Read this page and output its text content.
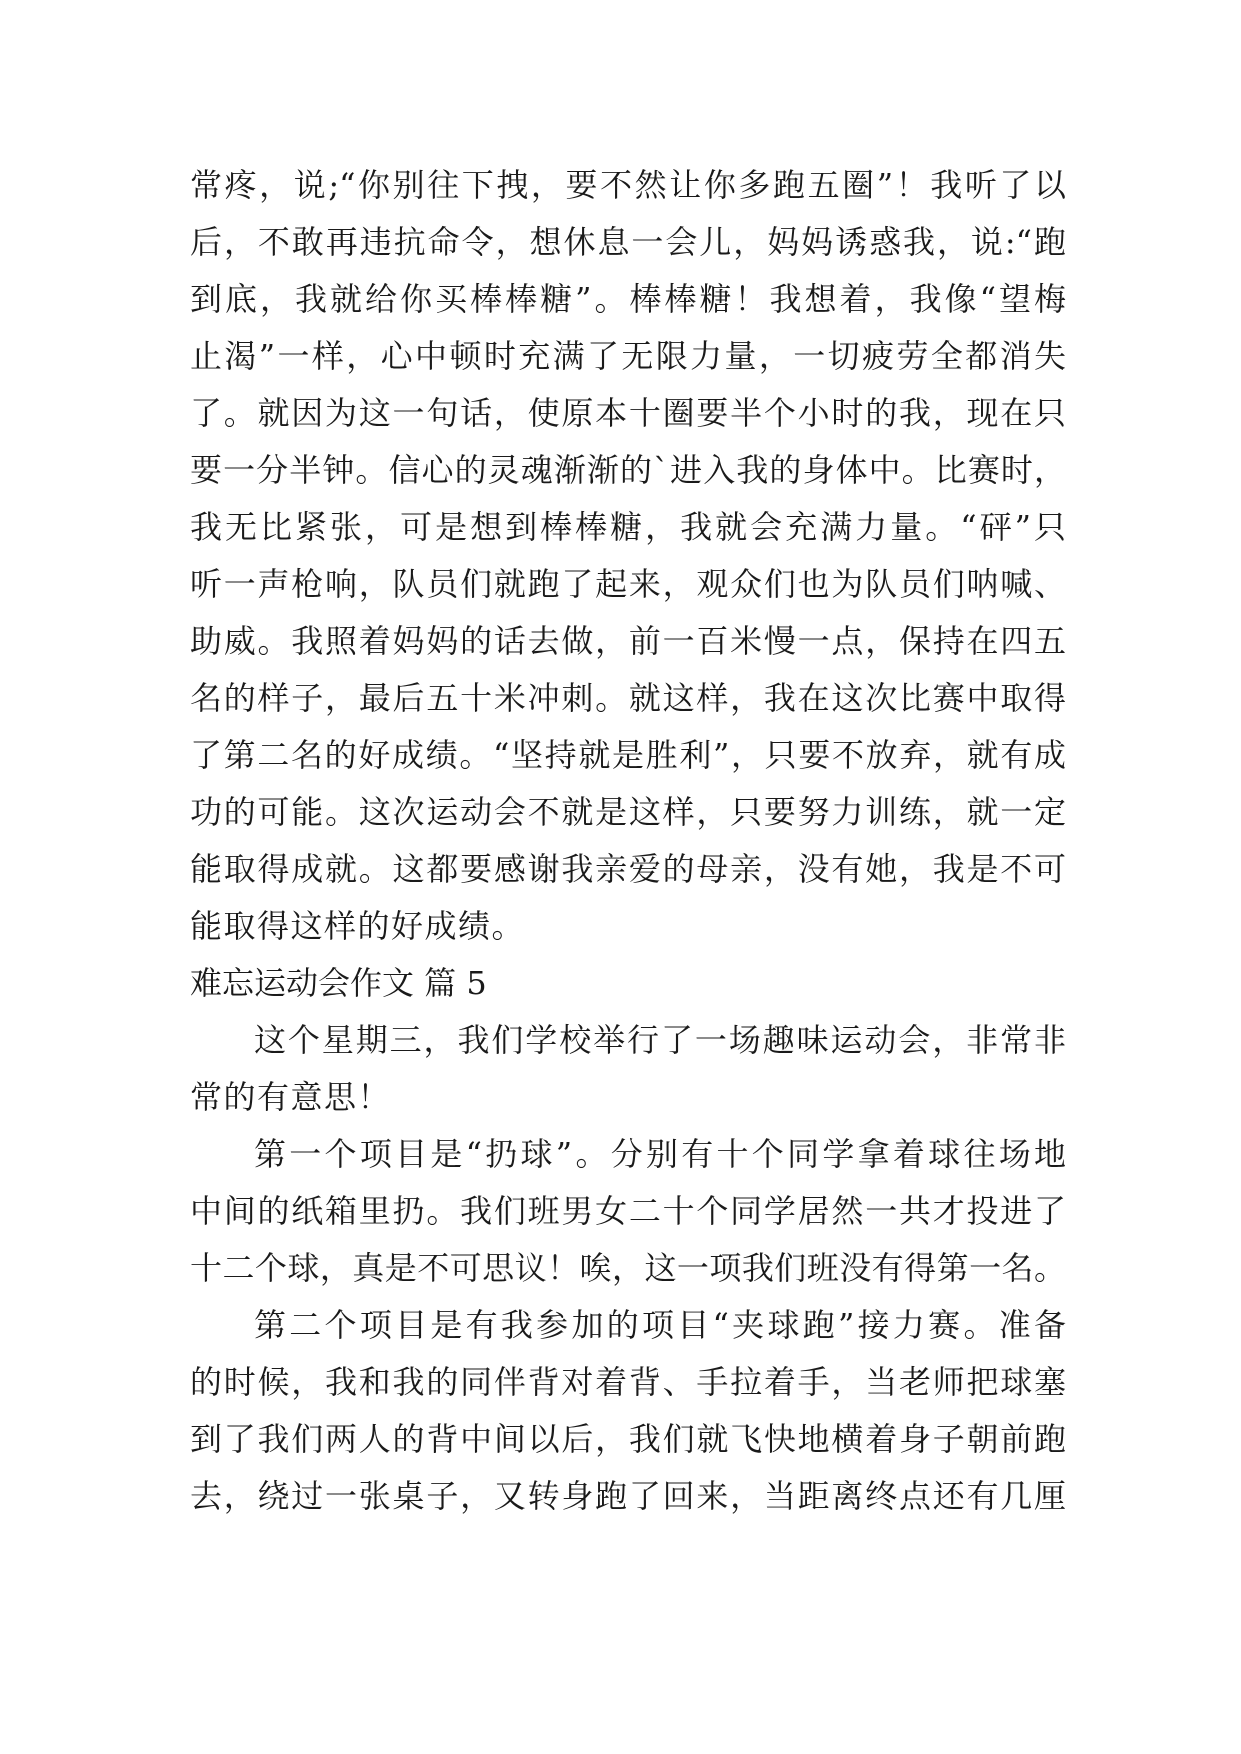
常疼，说;“你别往下拽，要不然让你多跑五圈”！我听了以
后，不敢再违抗命令，想休息一会儿，妈妈诱惑我，说:“跑
到底，我就给你买棒棒糖”。棒棒糖！我想着，我像“望梅
止渴”一样，心中顿时充满了无限力量，一切疲劳全都消失
了。就因为这一句话，使原本十圈要半个小时的我，现在只
要一分半钟。信心的灵魂渐渐的`进入我的身体中。比赛时，
我无比紧张，可是想到棒棒糖，我就会充满力量。“砰”只
听一声枪响，队员们就跑了起来，观众们也为队员们呐喊、
助威。我照着妈妈的话去做，前一百米慢一点，保持在四五
名的样子，最后五十米冲刺。就这样，我在这次比赛中取得
了第二名的好成绩。“坚持就是胜利”，只要不放弃，就有成
功的可能。这次运动会不就是这样，只要努力训练，就一定
能取得成就。这都要感谢我亲爱的母亲，没有她，我是不可
能取得这样的好成绩。
难忘运动会作文 篇 5
这个星期三，我们学校举行了一场趣味运动会，非常非
常的有意思！
第一个项目是“扔球”。分别有十个同学拿着球往场地
中间的纸箱里扔。我们班男女二十个同学居然一共才投进了
十二个球，真是不可思议！唉，这一项我们班没有得第一名。
第二个项目是有我参加的项目“夹球跑”接力赛。准备
的时候，我和我的同伴背对着背、手拉着手，当老师把球塞
到了我们两人的背中间以后，我们就飞快地横着身子朝前跑
去，绕过一张桌子，又转身跑了回来，当距离终点还有几厘
